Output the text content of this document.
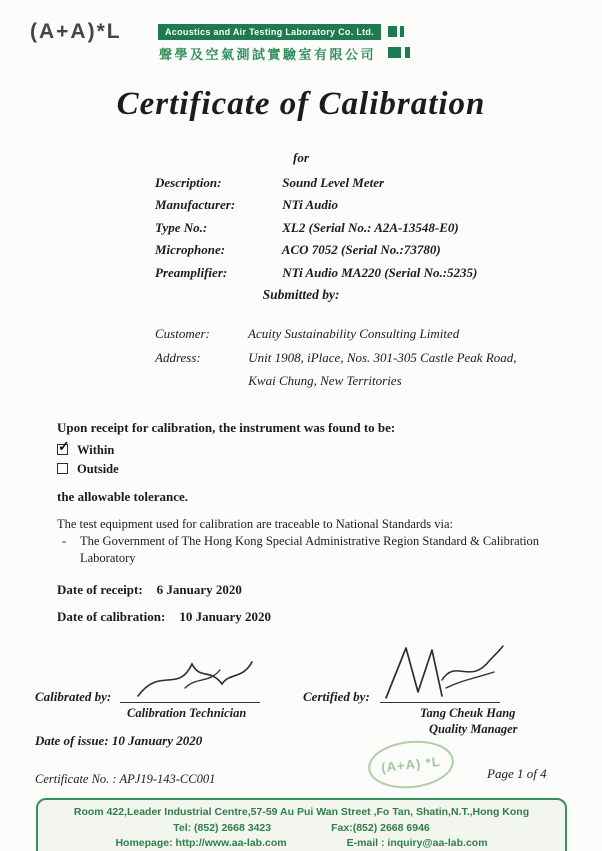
(A+A)*L	Acoustics and Air Testing Laboratory Co. Ltd.
聲學及空氣測試實驗室有限公司
Certificate of Calibration
for
Description:	Sound Level Meter
Manufacturer:	NTi Audio
Type No.:	XL2 (Serial No.: A2A-13548-E0)
Microphone:	ACO 7052 (Serial No.:73780)
Preamplifier:	NTi Audio MA220 (Serial No.:5235)
Submitted by:
Customer:	Acuity Sustainability Consulting Limited
Address:	Unit 1908, iPlace, Nos. 301-305 Castle Peak Road,
Kwai Chung, New Territories
Upon receipt for calibration, the instrument was found to be:
✓ Within
Outside
the allowable tolerance.
The test equipment used for calibration are traceable to National Standards via:
- The Government of The Hong Kong Special Administrative Region Standard & Calibration
Laboratory
Date of receipt: 6 January 2020
Date of calibration: 10 January 2020
Calibrated by:
Calibration Technician
Certified by:
Tang Cheuk Hang
Quality Manager
Date of issue: 10 January 2020
(A+A) *L
Certificate No. : APJ19-143-CC001	Page 1 of 4
Room 422,Leader Industrial Centre,57-59 Au Pui Wan Street ,Fo Tan, Shatin,N.T.,Hong Kong
Tel: (852) 2668 3423	Fax:(852) 2668 6946
Homepage: http://www.aa-lab.com	E-mail : inquiry@aa-lab.com
